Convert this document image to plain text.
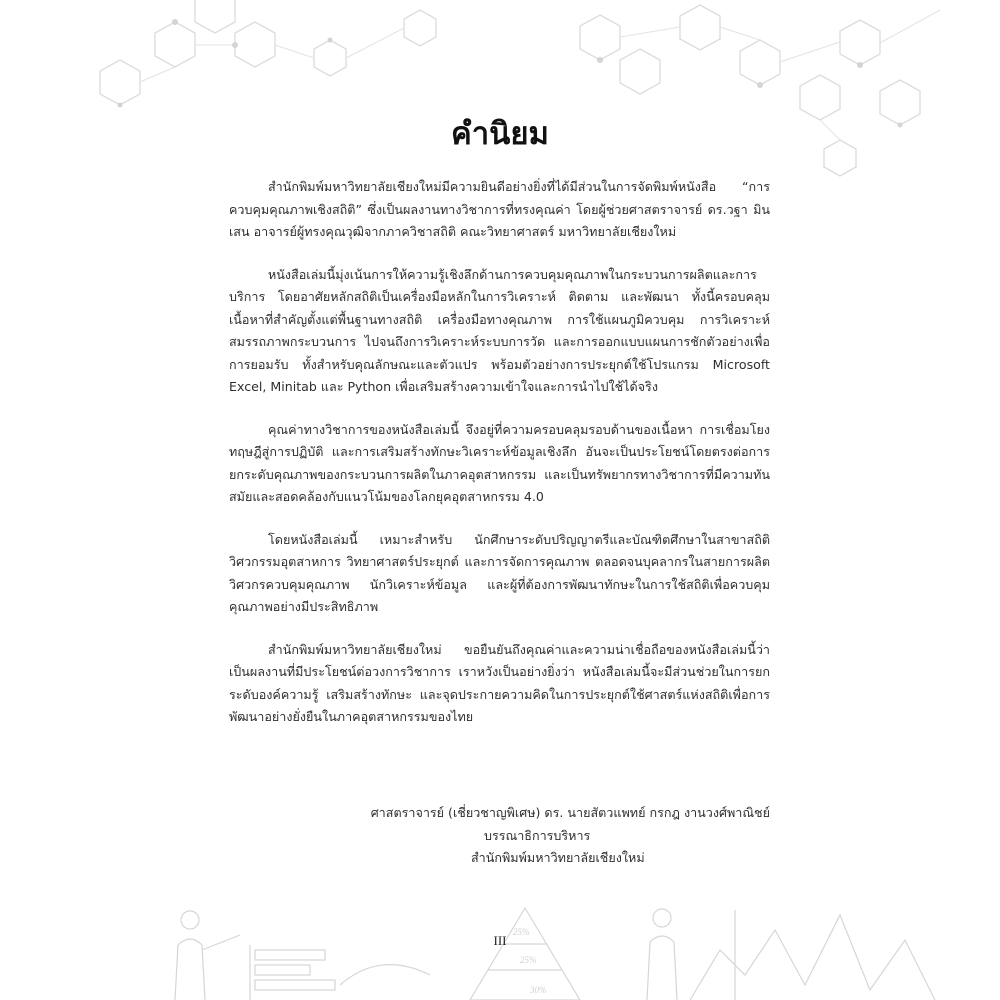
25%
25%
30%
คำนิยม

สำนักพิมพ์มหาวิทยาลัยเชียงใหม่มีความยินดีอย่างยิ่งที่ได้มีส่วนในการจัดพิมพ์หนังสือ “การควบคุมคุณภาพเชิงสถิติ” ซึ่งเป็นผลงานทางวิชาการที่ทรงคุณค่า โดยผู้ช่วยศาสตราจารย์ ดร.วฐา มินเสน อาจารย์ผู้ทรงคุณวุฒิจากภาควิชาสถิติ คณะวิทยาศาสตร์ มหาวิทยาลัยเชียงใหม่

หนังสือเล่มนี้มุ่งเน้นการให้ความรู้เชิงลึกด้านการควบคุมคุณภาพในกระบวนการผลิตและการบริการ โดยอาศัยหลักสถิติเป็นเครื่องมือหลักในการวิเคราะห์ ติดตาม และพัฒนา ทั้งนี้ครอบคลุมเนื้อหาที่สำคัญตั้งแต่พื้นฐานทางสถิติ เครื่องมือทางคุณภาพ การใช้แผนภูมิควบคุม การวิเคราะห์สมรรถภาพกระบวนการ ไปจนถึงการวิเคราะห์ระบบการวัด และการออกแบบแผนการชักตัวอย่างเพื่อการยอมรับ ทั้งสำหรับคุณลักษณะและตัวแปร พร้อมตัวอย่างการประยุกต์ใช้โปรแกรม Microsoft Excel, Minitab และ Python เพื่อเสริมสร้างความเข้าใจและการนำไปใช้ได้จริง

คุณค่าทางวิชาการของหนังสือเล่มนี้ จึงอยู่ที่ความครอบคลุมรอบด้านของเนื้อหา การเชื่อมโยงทฤษฎีสู่การปฏิบัติ และการเสริมสร้างทักษะวิเคราะห์ข้อมูลเชิงลึก อันจะเป็นประโยชน์โดยตรงต่อการยกระดับคุณภาพของกระบวนการผลิตในภาคอุตสาหกรรม และเป็นทรัพยากรทางวิชาการที่มีความทันสมัยและสอดคล้องกับแนวโน้มของโลกยุคอุตสาหกรรม 4.0

โดยหนังสือเล่มนี้ เหมาะสำหรับ นักศึกษาระดับปริญญาตรีและบัณฑิตศึกษาในสาขาสถิติ วิศวกรรมอุตสาหการ วิทยาศาสตร์ประยุกต์ และการจัดการคุณภาพ ตลอดจนบุคลากรในสายการผลิต วิศวกรควบคุมคุณภาพ นักวิเคราะห์ข้อมูล และผู้ที่ต้องการพัฒนาทักษะในการใช้สถิติเพื่อควบคุมคุณภาพอย่างมีประสิทธิภาพ

สำนักพิมพ์มหาวิทยาลัยเชียงใหม่ ขอยืนยันถึงคุณค่าและความน่าเชื่อถือของหนังสือเล่มนี้ว่าเป็นผลงานที่มีประโยชน์ต่อวงการวิชาการ เราหวังเป็นอย่างยิ่งว่า หนังสือเล่มนี้จะมีส่วนช่วยในการยกระดับองค์ความรู้ เสริมสร้างทักษะ และจุดประกายความคิดในการประยุกต์ใช้ศาสตร์แห่งสถิติเพื่อการพัฒนาอย่างยั่งยืนในภาคอุตสาหกรรมของไทย

ศาสตราจารย์ (เชี่ยวชาญพิเศษ) ดร. นายสัตวแพทย์ กรกฎ งานวงศ์พาณิชย์
บรรณาธิการบริหาร
สำนักพิมพ์มหาวิทยาลัยเชียงใหม่
III
